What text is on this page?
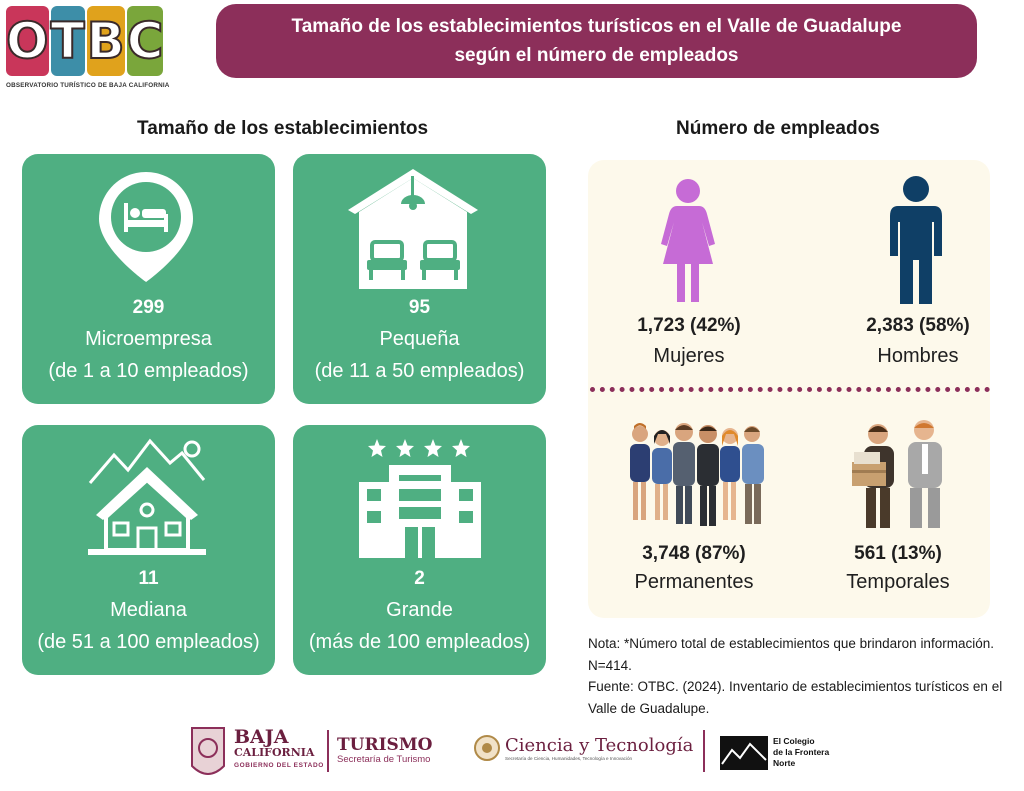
O T B C
OBSERVATORIO TURÍSTICO DE BAJA CALIFORNIA
Tamaño de los establecimientos turísticos en el Valle de Guadalupe
según el número de empleados
Tamaño de los establecimientos	Número de empleados
299
Microempresa
(de 1 a 10 empleados)
95
Pequeña
(de 11 a 50 empleados)
11
Mediana
(de 51 a 100 empleados)
2
Grande
(más de 100 empleados)
1,723 (42%)
Mujeres
2,383 (58%)
Hombres
3,748 (87%)
Permanentes
561 (13%)
Temporales
Nota: *Número total de establecimientos que brindaron información. N=414.
Fuente: OTBC. (2024). Inventario de establecimientos turísticos en el Valle de Guadalupe.
BAJA
CALIFORNIA
GOBIERNO DEL ESTADO
TURISMO
Secretaría de Turismo
Ciencia y Tecnología
Secretaría de Ciencia, Humanidades, Tecnología e Innovación
El Colegio
de la Frontera
Norte
